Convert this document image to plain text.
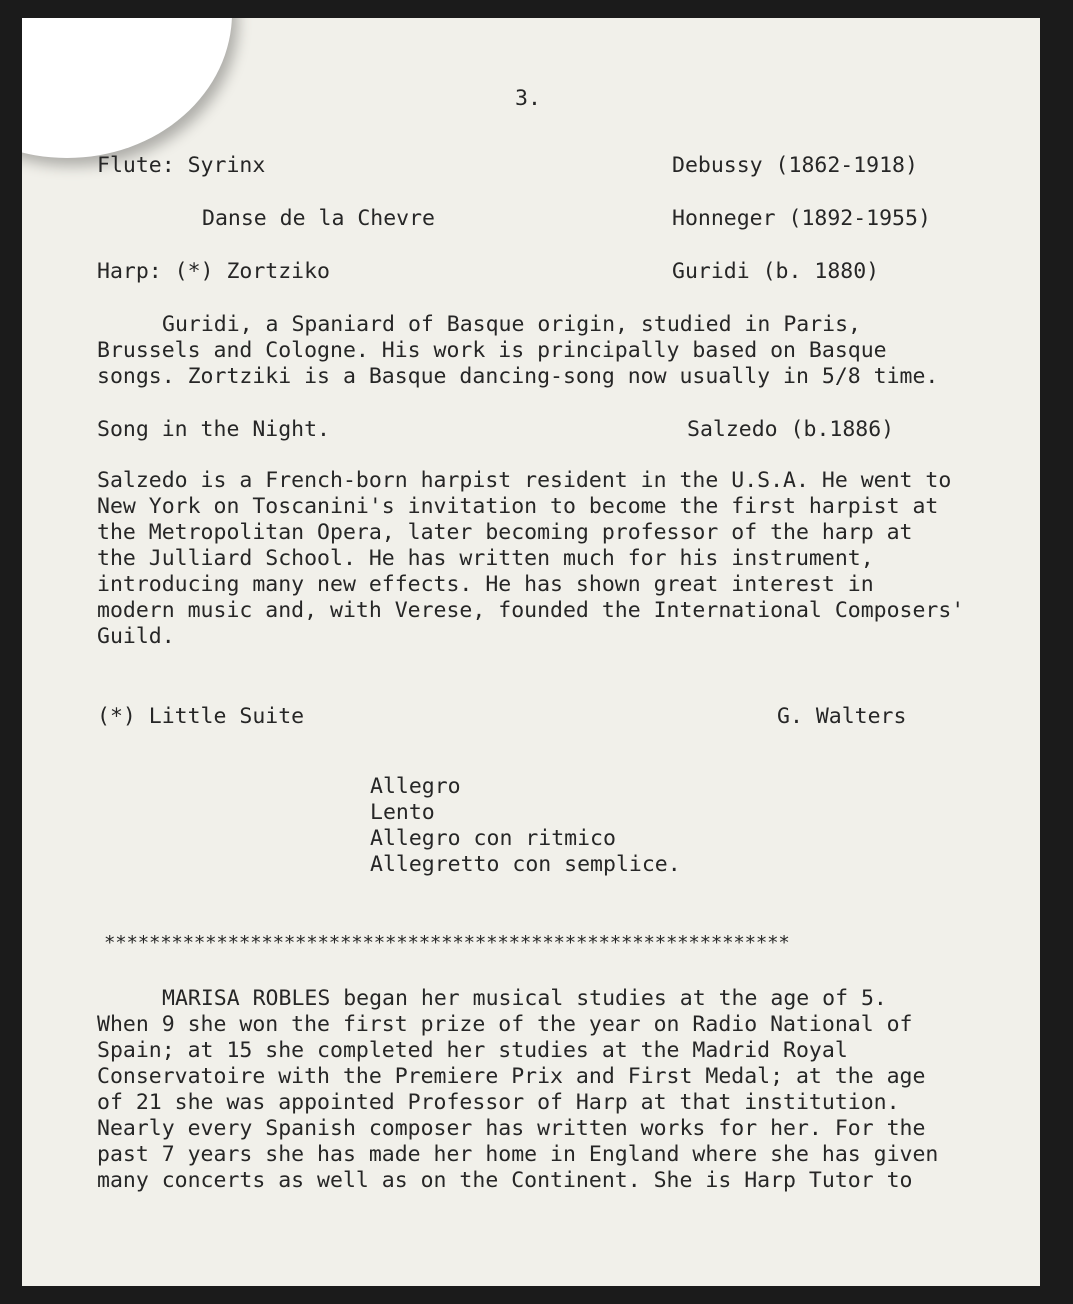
3.
Flute: Syrinx	Debussy (1862-1918)
Danse de la Chevre	Honneger (1892-1955)
Harp: (*) Zortziko	Guridi (b. 1880)
Guridi, a Spaniard of Basque origin, studied in Paris,
Brussels and Cologne. His work is principally based on Basque
songs. Zortziki is a Basque dancing-song now usually in 5/8 time.
Song in the Night.	Salzedo (b.1886)
Salzedo is a French-born harpist resident in the U.S.A. He went to
New York on Toscanini's invitation to become the first harpist at
the Metropolitan Opera, later becoming professor of the harp at
the Julliard School. He has written much for his instrument,
introducing many new effects. He has shown great interest in
modern music and, with Verese, founded the International Composers'
Guild.
(*) Little Suite	G. Walters
Allegro
Lento
Allegro con ritmico
Allegretto con semplice.
*************************************************************
MARISA ROBLES began her musical studies at the age of 5.
When 9 she won the first prize of the year on Radio National of
Spain; at 15 she completed her studies at the Madrid Royal
Conservatoire with the Premiere Prix and First Medal; at the age
of 21 she was appointed Professor of Harp at that institution.
Nearly every Spanish composer has written works for her. For the
past 7 years she has made her home in England where she has given
many concerts as well as on the Continent. She is Harp Tutor to
